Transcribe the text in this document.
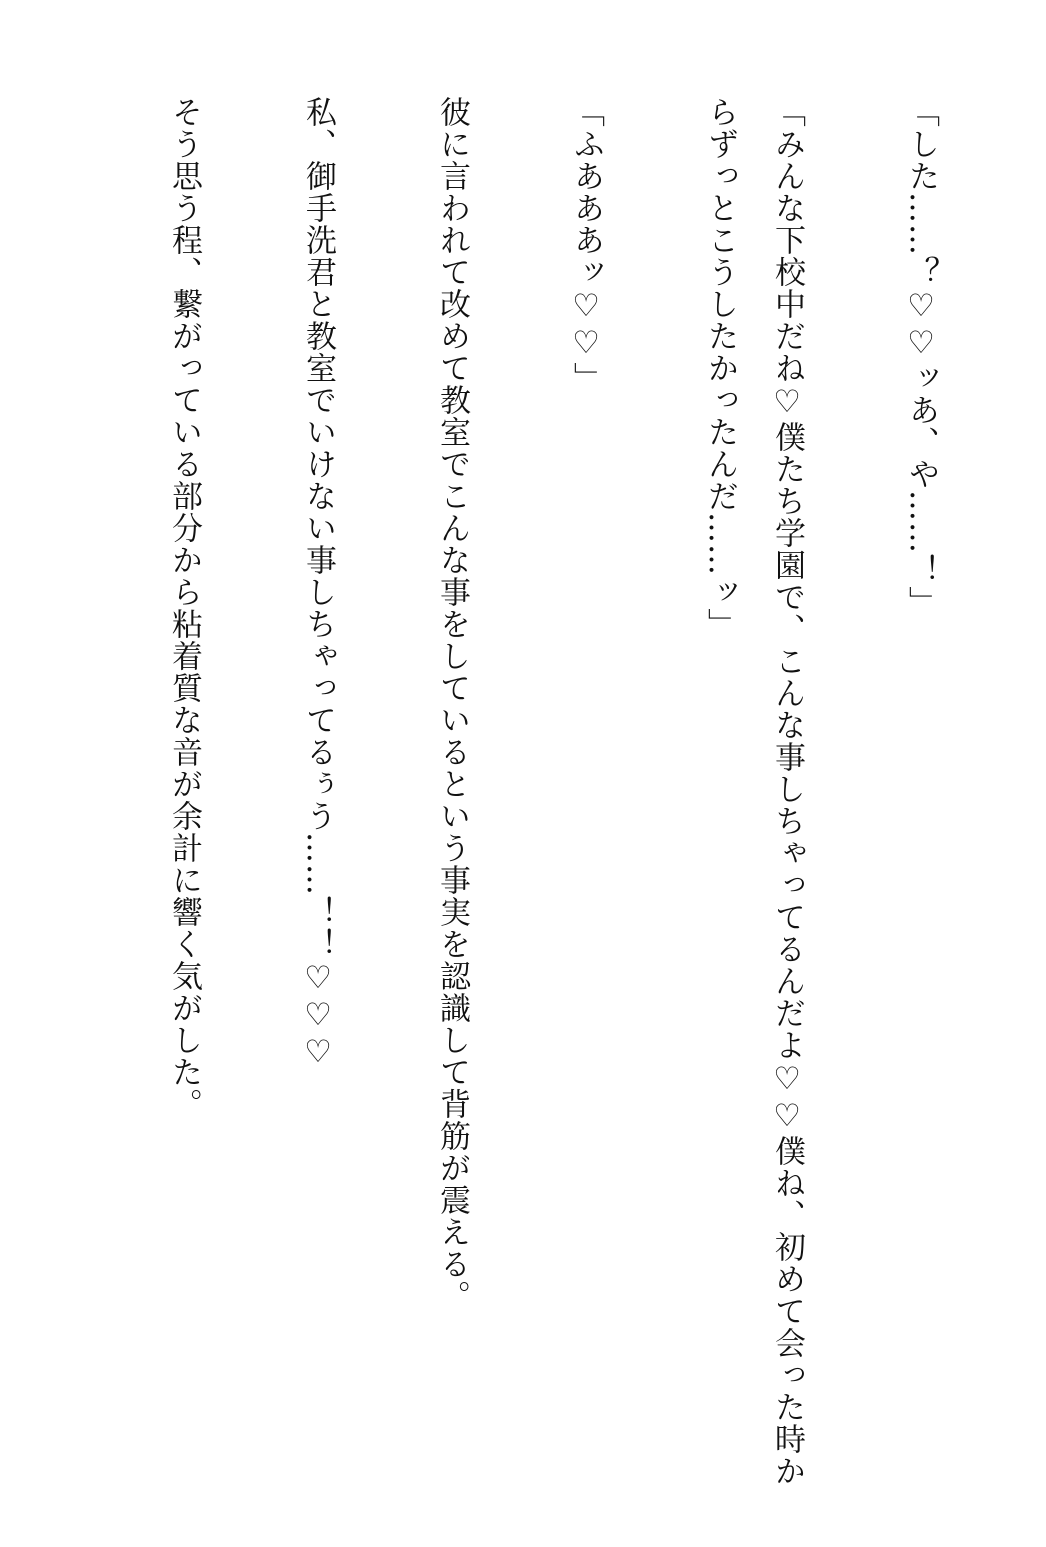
「した……？♡♡ッあ、や……！」
「みんな下校中だね♡僕たち学園で、こんな事しちゃってるんだよ♡♡僕ね、初めて会った時からずっとこうしたかったんだ……ッ」
「ふあああッ♡♡」
彼に言われて改めて教室でこんな事をしているという事実を認識して背筋が震える。
私、御手洗君と教室でいけない事しちゃってるぅう……！！♡♡♡
そう思う程、繋がっている部分から粘着質な音が余計に響く気がした。
